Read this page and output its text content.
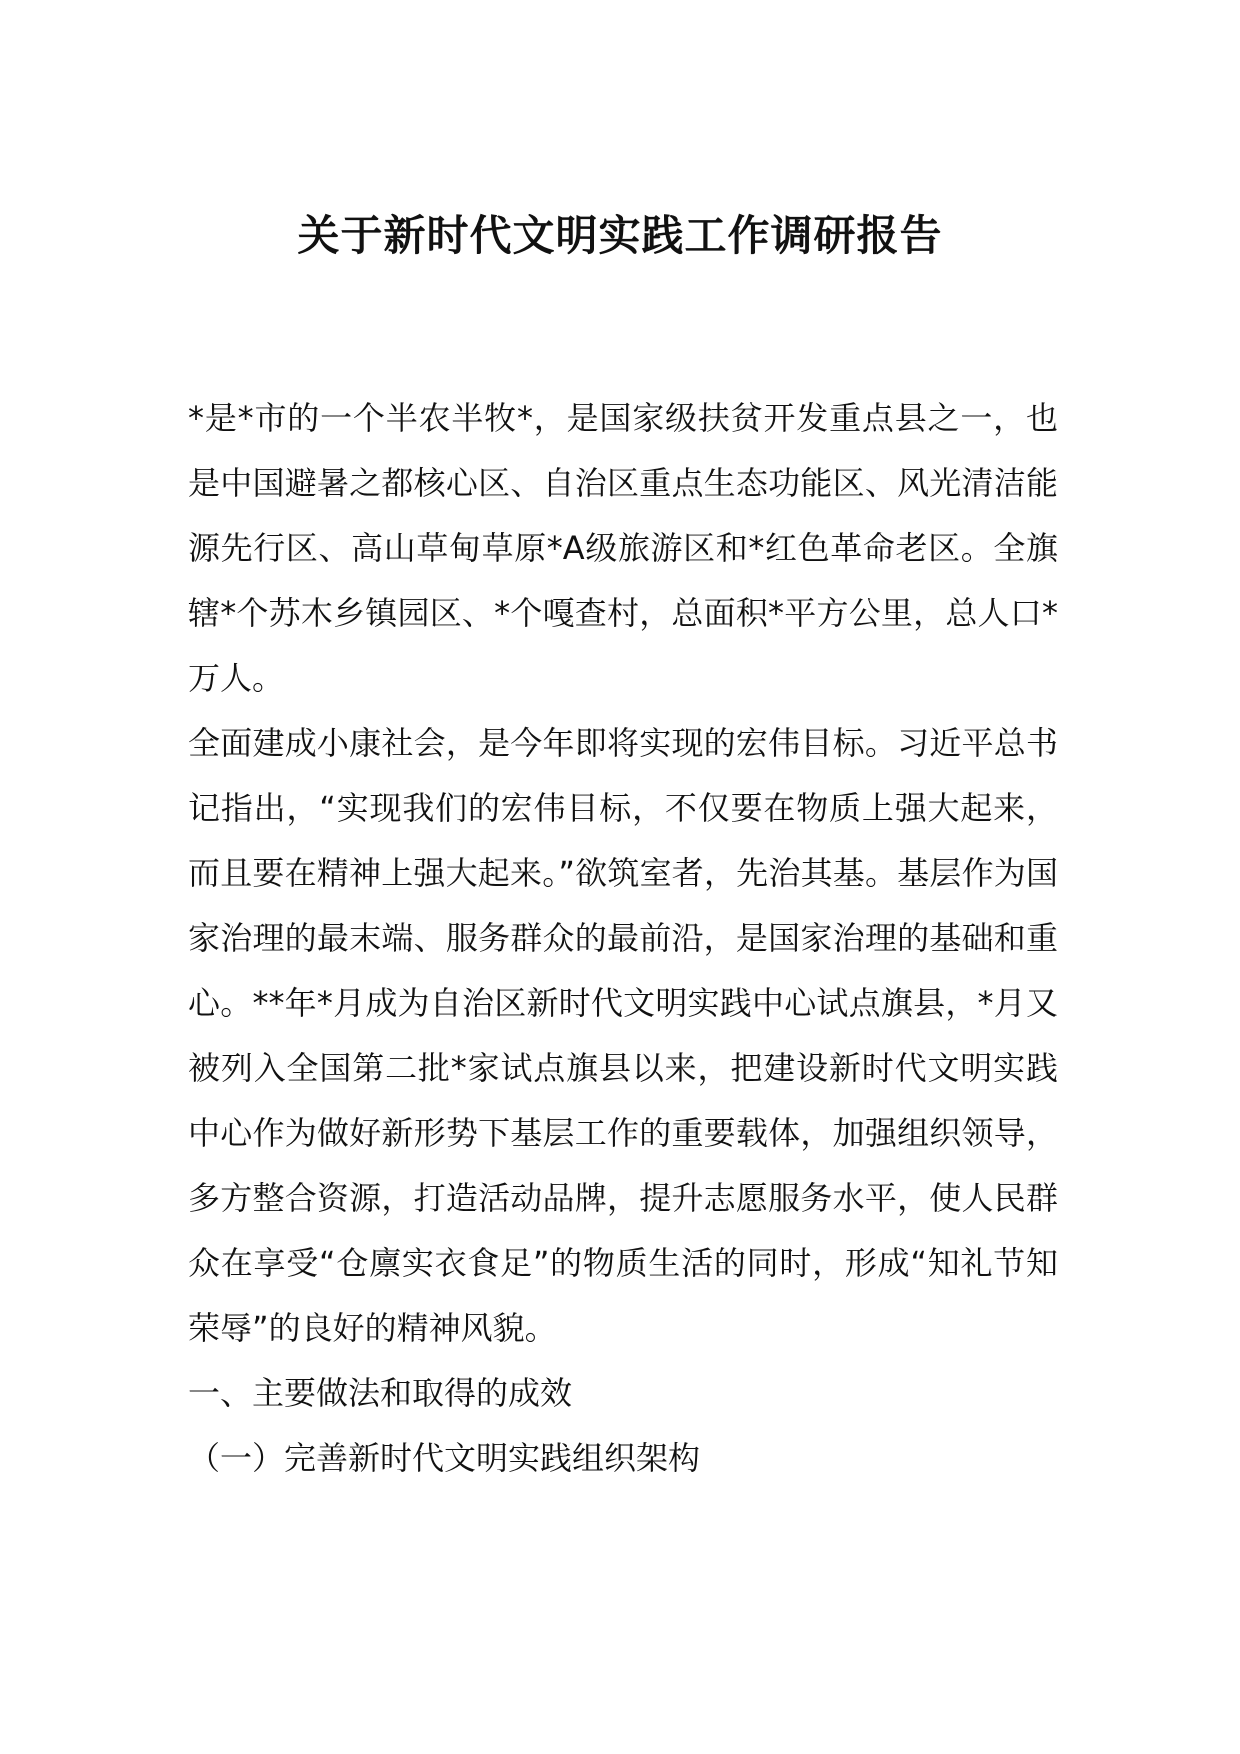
关于新时代文明实践工作调研报告

*是*市的一个半农半牧*，是国家级扶贫开发重点县之一，也是中国避暑之都核心区、自治区重点生态功能区、风光清洁能源先行区、高山草甸草原*A级旅游区和*红色革命老区。全旗辖*个苏木乡镇园区、*个嘎查村，总面积*平方公里，总人口*万人。

全面建成小康社会，是今年即将实现的宏伟目标。习近平总书记指出，“实现我们的宏伟目标，不仅要在物质上强大起来，而且要在精神上强大起来。”欲筑室者，先治其基。基层作为国家治理的最末端、服务群众的最前沿，是国家治理的基础和重心。**年*月成为自治区新时代文明实践中心试点旗县，*月又被列入全国第二批*家试点旗县以来，把建设新时代文明实践中心作为做好新形势下基层工作的重要载体，加强组织领导，多方整合资源，打造活动品牌，提升志愿服务水平，使人民群众在享受“仓廪实衣食足”的物质生活的同时，形成“知礼节知荣辱”的良好的精神风貌。

一、主要做法和取得的成效

（一）完善新时代文明实践组织架构
